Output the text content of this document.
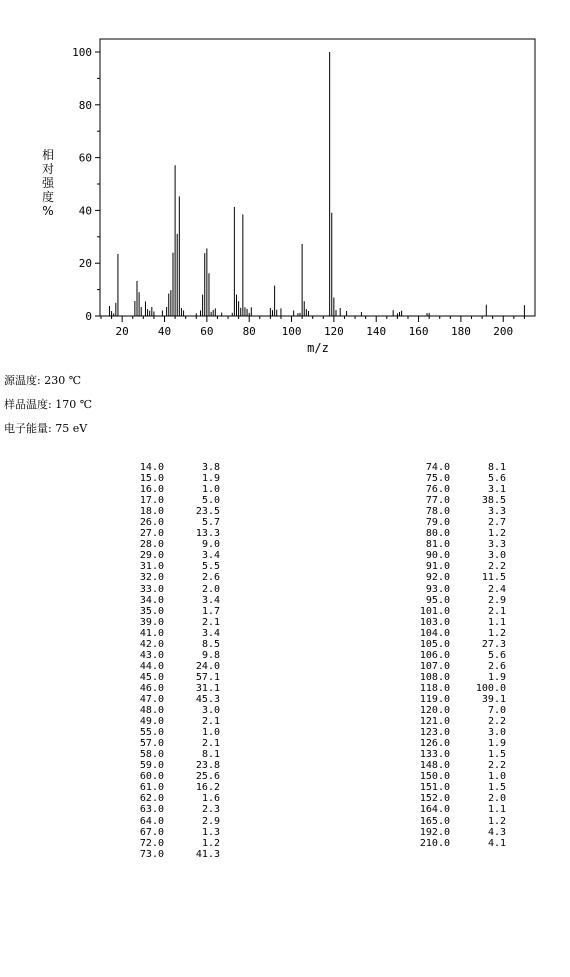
0
20
40
60
80
100
20	40	60	80 100 120 140 160 180 200
m/z
相
对
强
度
%
源温度: 230 ℃
样品温度: 170 ℃
电子能量: 75 eV
14.0	3.8
15.0	1.9
16.0	1.0
17.0	5.0
18.0	23.5
26.0	5.7
27.0	13.3
28.0	9.0
29.0	3.4
31.0	5.5
32.0	2.6
33.0	2.0
34.0	3.4
35.0	1.7
39.0	2.1
41.0	3.4
42.0	8.5
43.0	9.8
44.0	24.0
45.0	57.1
46.0	31.1
47.0	45.3
48.0	3.0
49.0	2.1
55.0	1.0
57.0	2.1
58.0	8.1
59.0	23.8
60.0	25.6
61.0	16.2
62.0	1.6
63.0	2.3
64.0	2.9
67.0	1.3
72.0	1.2
73.0	41.3
74.0	8.1
75.0	5.6
76.0	3.1
77.0	38.5
78.0	3.3
79.0	2.7
80.0	1.2
81.0	3.3
90.0	3.0
91.0	2.2
92.0	11.5
93.0	2.4
95.0	2.9
101.0	2.1
103.0	1.1
104.0	1.2
105.0	27.3
106.0	5.6
107.0	2.6
108.0	1.9
118.0	100.0
119.0	39.1
120.0	7.0
121.0	2.2
123.0	3.0
126.0	1.9
133.0	1.5
148.0	2.2
150.0	1.0
151.0	1.5
152.0	2.0
164.0	1.1
165.0	1.2
192.0	4.3
210.0	4.1
